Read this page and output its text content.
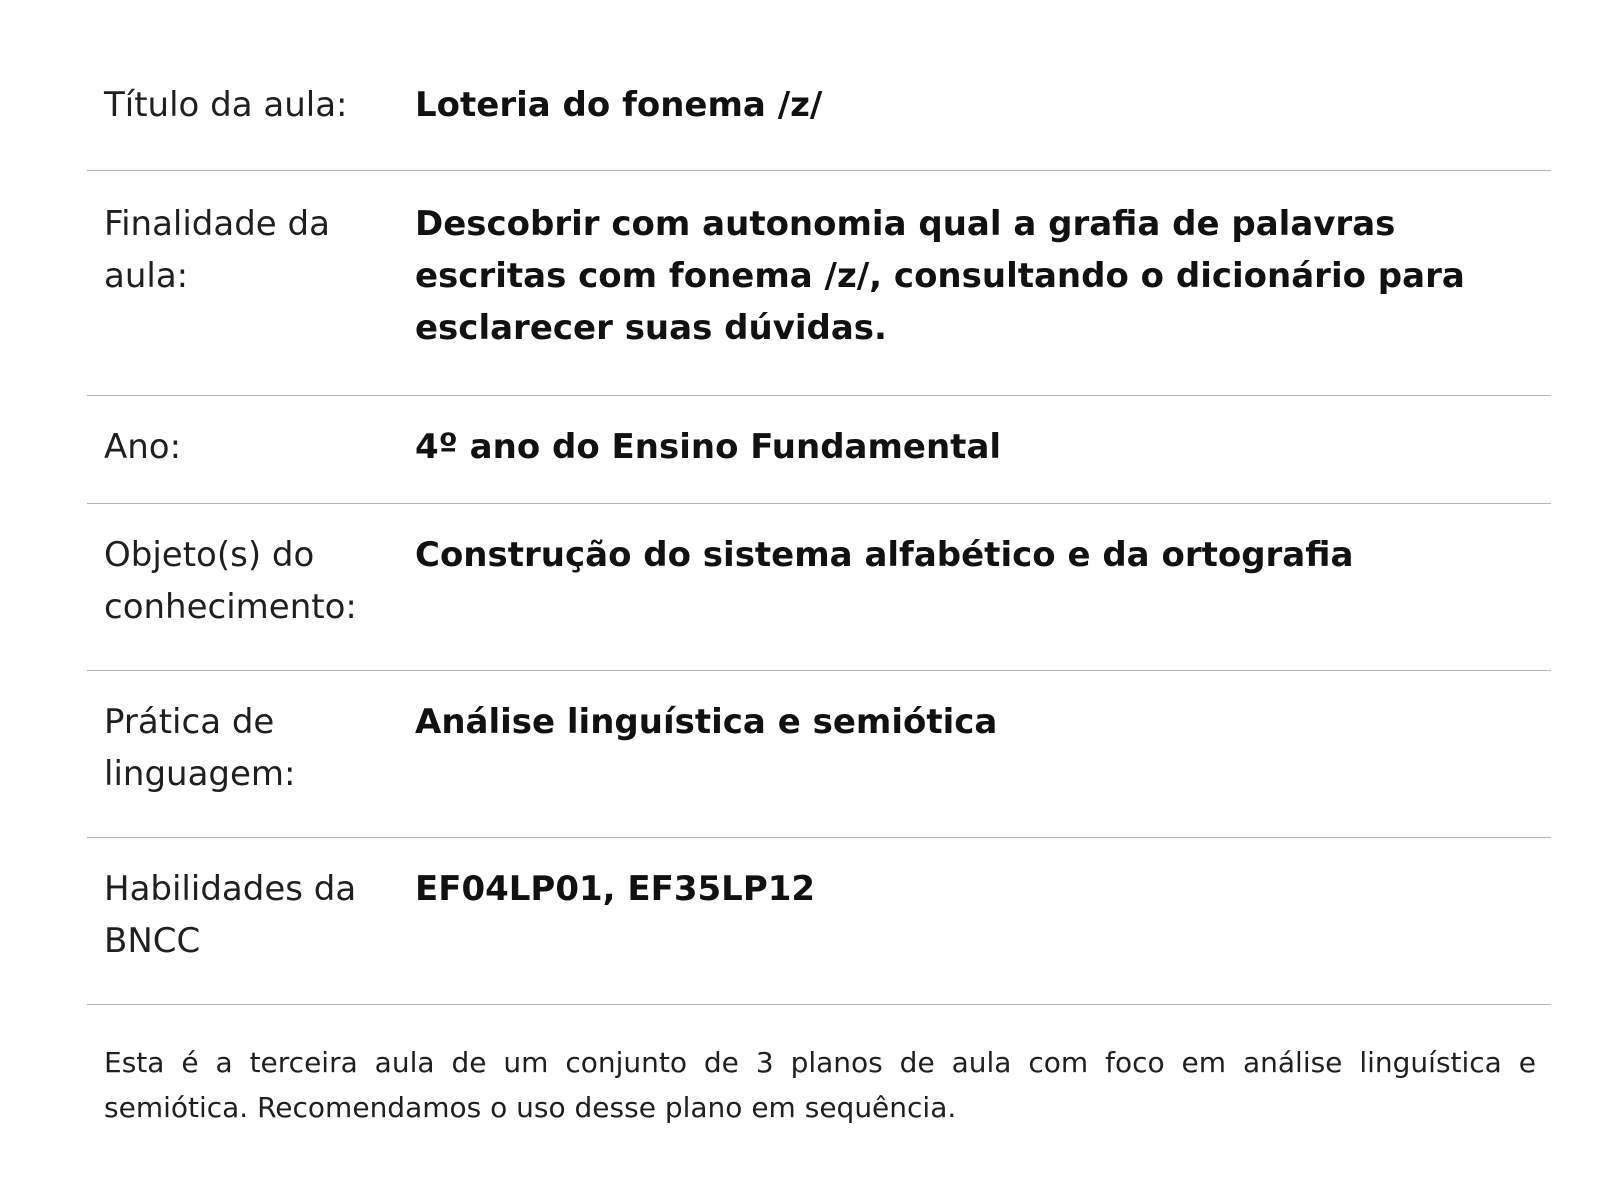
Título da aula:	Loteria do fonema /z/
Finalidade da aula:
Descobrir com autonomia qual a grafia de palavras escritas com fonema /z/, consultando o dicionário para esclarecer suas dúvidas.
Ano:	4º ano do Ensino Fundamental
Objeto(s) do conhecimento:
Construção do sistema alfabético e da ortografia
Prática de linguagem:
Análise linguística e semiótica
Habilidades da BNCC
EF04LP01, EF35LP12

Esta é a terceira aula de um conjunto de 3 planos de aula com foco em análise linguística e semiótica. Recomendamos o uso desse plano em sequência.
